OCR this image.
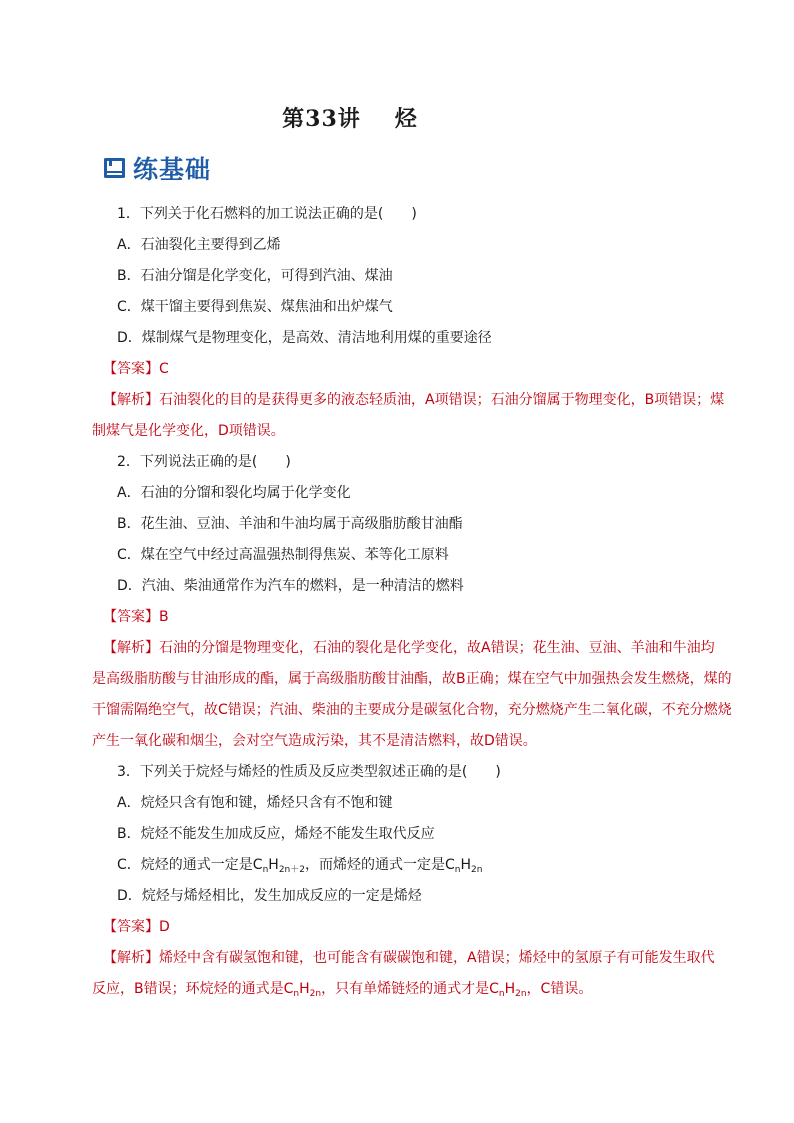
第33讲 烃
练基础
1．下列关于化石燃料的加工说法正确的是(　　)
A．石油裂化主要得到乙烯
B．石油分馏是化学变化，可得到汽油、煤油
C．煤干馏主要得到焦炭、煤焦油和出炉煤气
D．煤制煤气是物理变化，是高效、清洁地利用煤的重要途径
【答案】C
【解析】石油裂化的目的是获得更多的液态轻质油，A项错误；石油分馏属于物理变化，B项错误；煤
制煤气是化学变化，D项错误。
2．下列说法正确的是(　　)
A．石油的分馏和裂化均属于化学变化
B．花生油、豆油、羊油和牛油均属于高级脂肪酸甘油酯
C．煤在空气中经过高温强热制得焦炭、苯等化工原料
D．汽油、柴油通常作为汽车的燃料，是一种清洁的燃料
【答案】B
【解析】石油的分馏是物理变化，石油的裂化是化学变化，故A错误；花生油、豆油、羊油和牛油均
是高级脂肪酸与甘油形成的酯，属于高级脂肪酸甘油酯，故B正确；煤在空气中加强热会发生燃烧，煤的
干馏需隔绝空气，故C错误；汽油、柴油的主要成分是碳氢化合物，充分燃烧产生二氧化碳，不充分燃烧
产生一氧化碳和烟尘，会对空气造成污染，其不是清洁燃料，故D错误。
3．下列关于烷烃与烯烃的性质及反应类型叙述正确的是(　　)
A．烷烃只含有饱和键，烯烃只含有不饱和键
B．烷烃不能发生加成反应，烯烃不能发生取代反应
C．烷烃的通式一定是$C_nH_{2n+2}$，而烯烃的通式一定是$C_nH_{2n}$
D．烷烃与烯烃相比，发生加成反应的一定是烯烃
【答案】D
【解析】烯烃中含有碳氢饱和键，也可能含有碳碳饱和键，A错误；烯烃中的氢原子有可能发生取代
反应，B错误；环烷烃的通式是$C_nH_{2n}$，只有单烯链烃的通式才是$C_nH_{2n}$，C错误。
